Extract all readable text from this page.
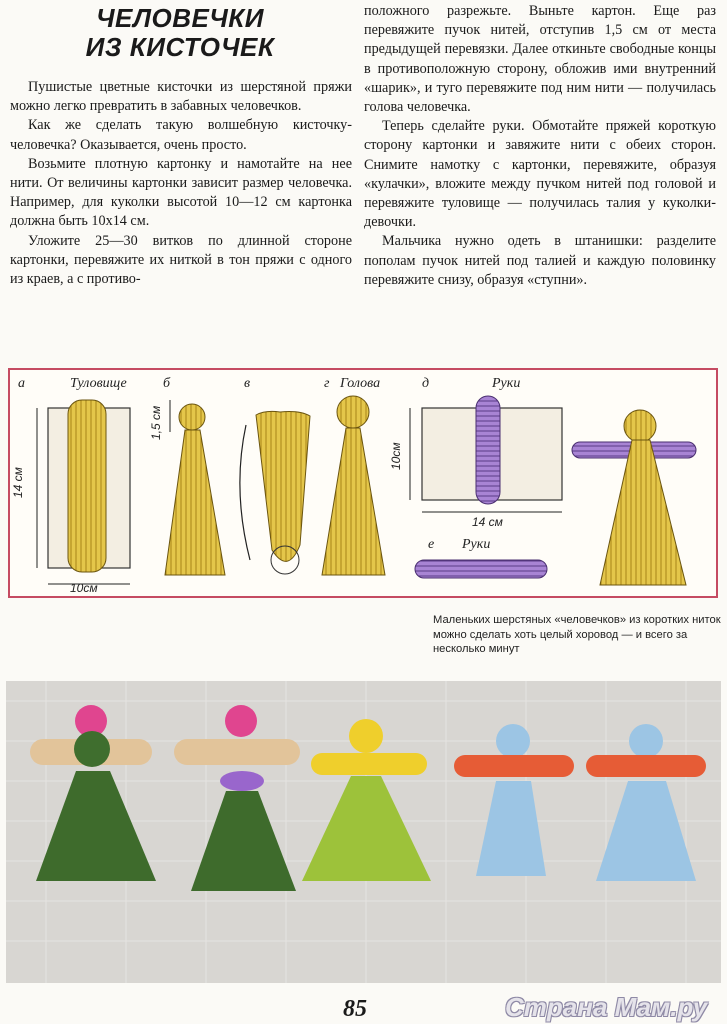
ЧЕЛОВЕЧКИ
ИЗ КИСТОЧЕК

Пушистые цветные кисточки из шерстяной пряжи можно легко превратить в забавных человечков.

Как же сделать такую волшебную кисточку-человечка? Оказывается, очень просто.

Возьмите плотную картонку и намотайте на нее нити. От величины картонки зависит размер человечка. Например, для куколки высотой 10—12 см картонка должна быть 10х14 см.

Уложите 25—30 витков по длинной стороне картонки, перевяжите их ниткой в тон пряжи с одного из краев, а с противо-

положного разрежьте. Выньте картон. Еще раз перевяжите пучок нитей, отступив 1,5 см от места предыдущей перевязки. Далее откиньте свободные концы в противоположную сторону, обложив ими внутренний «шарик», и туго перевяжите под ним нити — получилась голова человечка.

Теперь сделайте руки. Обмотайте пряжей короткую сторону картонки и завяжите нити с обеих сторон. Снимите намотку с картонки, перевяжите, образуя «кулачки», вложите между пучком нитей под головой и перевяжите туловище — получилась талия у куколки-девочки.

Мальчика нужно одеть в штанишки: разделите пополам пучок нитей под талией и каждую половинку перевяжите снизу, образуя «ступни».

а	Туловище
14 см
10см
б
1,5 см
в	г Голова	д	Руки
10см
14 см
е Руки
Маленьких шерстяных «человечков» из коротких ниток можно сделать хоть целый хоровод — и всего за несколько минут
85	Страна Мам.ру
